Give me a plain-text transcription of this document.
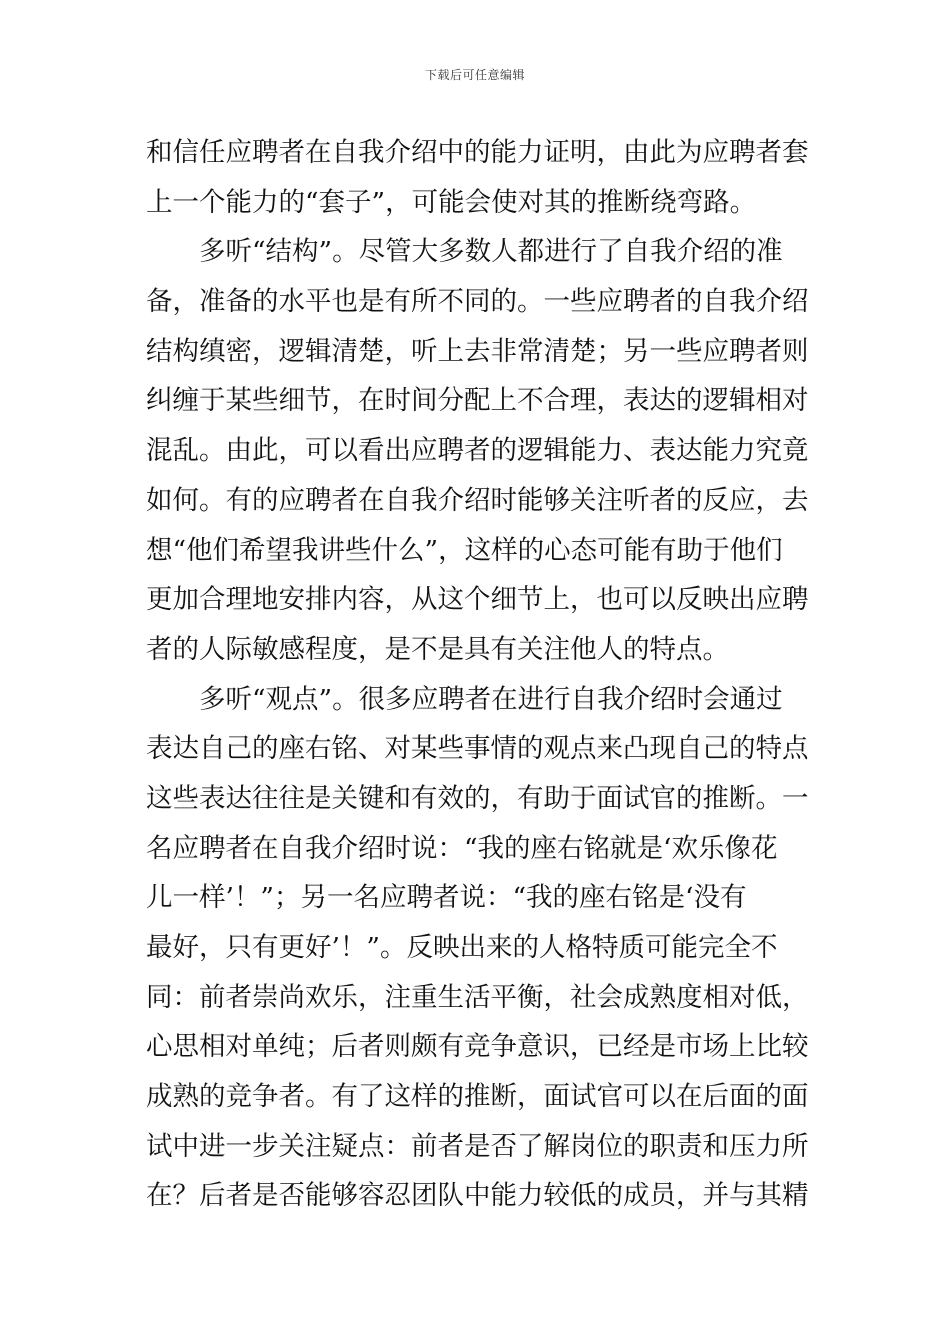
下载后可任意编辑
和信任应聘者在自我介绍中的能力证明，由此为应聘者套
上一个能力的“套子”，可能会使对其的推断绕弯路。
多听“结构”。尽管大多数人都进行了自我介绍的准
备，准备的水平也是有所不同的。一些应聘者的自我介绍
结构缜密，逻辑清楚，听上去非常清楚；另一些应聘者则
纠缠于某些细节，在时间分配上不合理，表达的逻辑相对
混乱。由此，可以看出应聘者的逻辑能力、表达能力究竟
如何。有的应聘者在自我介绍时能够关注听者的反应，去
想“他们希望我讲些什么”，这样的心态可能有助于他们
更加合理地安排内容，从这个细节上，也可以反映出应聘
者的人际敏感程度，是不是具有关注他人的特点。
多听“观点”。很多应聘者在进行自我介绍时会通过
表达自己的座右铭、对某些事情的观点来凸现自己的特点
这些表达往往是关键和有效的，有助于面试官的推断。一
名应聘者在自我介绍时说：“我的座右铭就是‘欢乐像花
儿一样’！”；另一名应聘者说：“我的座右铭是‘没有
最好，只有更好’！”。反映出来的人格特质可能完全不
同：前者崇尚欢乐，注重生活平衡，社会成熟度相对低，
心思相对单纯；后者则颇有竞争意识，已经是市场上比较
成熟的竞争者。有了这样的推断，面试官可以在后面的面
试中进一步关注疑点：前者是否了解岗位的职责和压力所
在？后者是否能够容忍团队中能力较低的成员，并与其精
